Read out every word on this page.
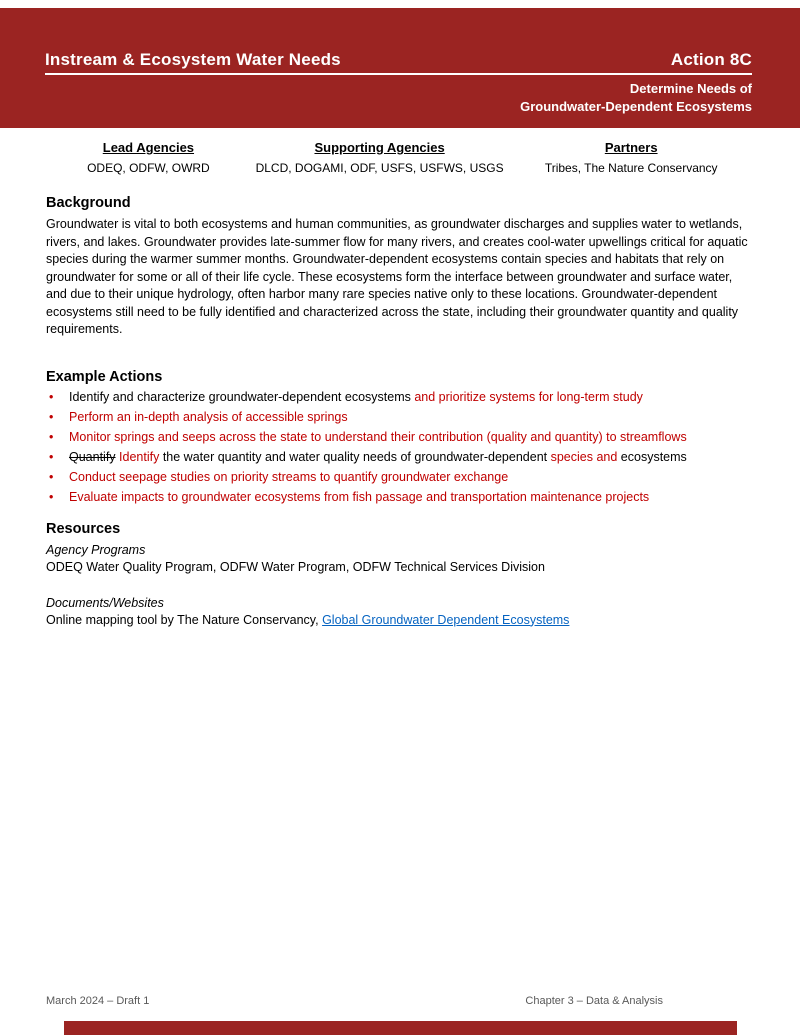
Instream & Ecosystem Water Needs	Action 8C
Determine Needs of
Groundwater-Dependent Ecosystems
Lead Agencies
ODEQ, ODFW, OWRD
Supporting Agencies
DLCD, DOGAMI, ODF, USFS, USFWS, USGS
Partners
Tribes, The Nature Conservancy
Background

Groundwater is vital to both ecosystems and human communities, as groundwater discharges and supplies water to wetlands, rivers, and lakes. Groundwater provides late-summer flow for many rivers, and creates cool-water upwellings critical for aquatic species during the warmer summer months. Groundwater-dependent ecosystems contain species and habitats that rely on groundwater for some or all of their life cycle. These ecosystems form the interface between groundwater and surface water, and due to their unique hydrology, often harbor many rare species native only to these locations. Groundwater-dependent ecosystems still need to be fully identified and characterized across the state, including their groundwater quantity and quality requirements.

Example Actions
• Identify and characterize groundwater-dependent ecosystems and prioritize systems for long-term study
• Perform an in-depth analysis of accessible springs
• Monitor springs and seeps across the state to understand their contribution (quality and quantity) to streamflows
• Quantify Identify the water quantity and water quality needs of groundwater-dependent species and ecosystems
• Conduct seepage studies on priority streams to quantify groundwater exchange
• Evaluate impacts to groundwater ecosystems from fish passage and transportation maintenance projects
Resources
Agency Programs
ODEQ Water Quality Program, ODFW Water Program, ODFW Technical Services Division
Documents/Websites
Online mapping tool by The Nature Conservancy, Global Groundwater Dependent Ecosystems
March 2024 – Draft 1	Chapter 3 – Data & Analysis
